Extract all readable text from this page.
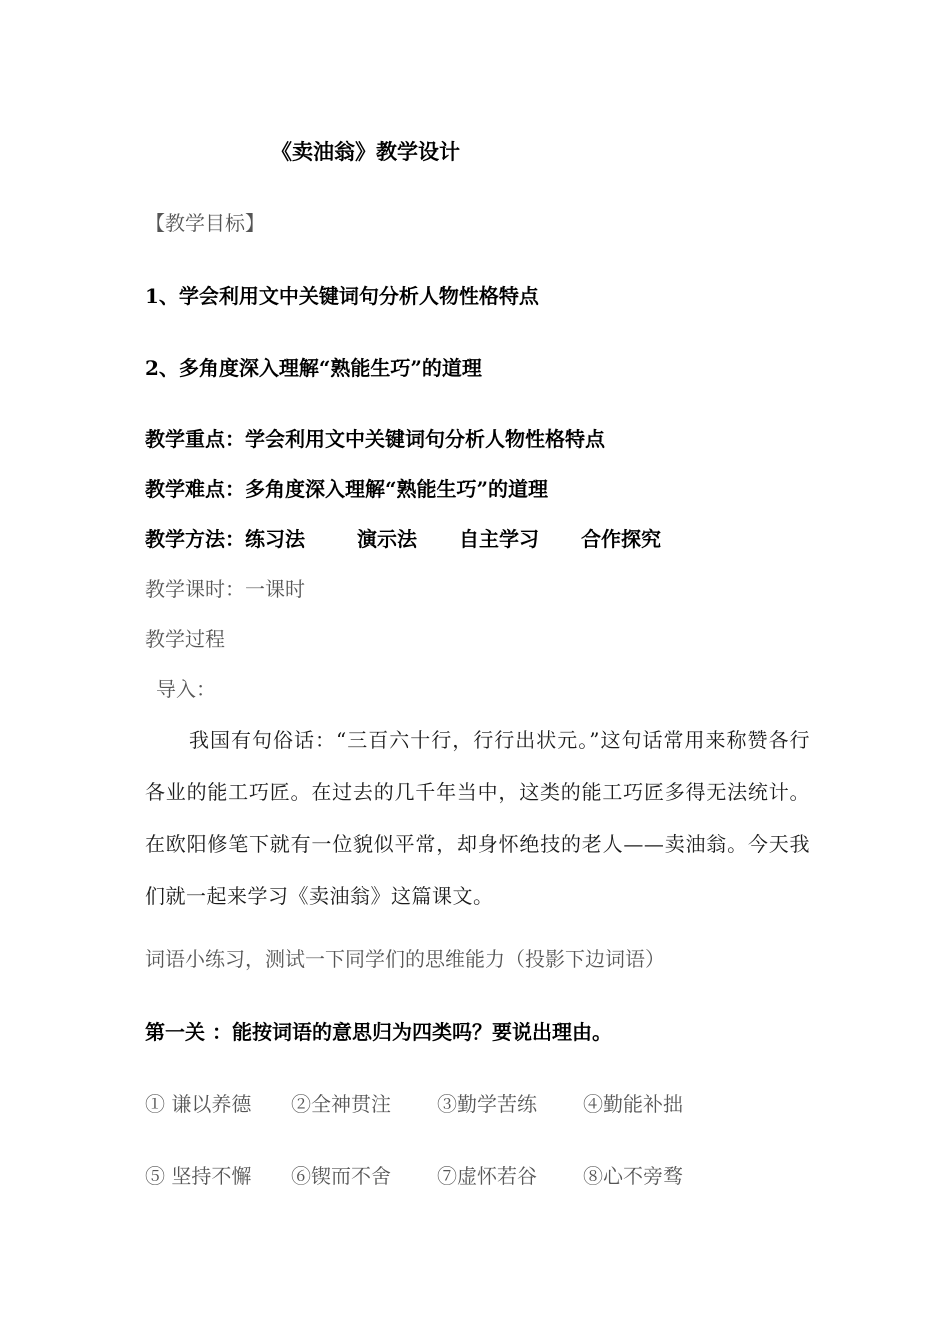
《卖油翁》教学设计
【教学目标】
1、学会利用文中关键词句分析人物性格特点
2、多角度深入理解“熟能生巧”的道理
教学重点：学会利用文中关键词句分析人物性格特点
教学难点：多角度深入理解“熟能生巧”的道理
教学方法：练习法	演示法 自主学习 合作探究
教学课时：一课时
教学过程
导入：
我国有句俗话：“三百六十行，行行出状元。”这句话常用来称赞各行各业的能工巧匠。在过去的几千年当中，这类的能工巧匠多得无法统计。在欧阳修笔下就有一位貌似平常，却身怀绝技的老人——卖油翁。今天我们就一起来学习《卖油翁》这篇课文。
词语小练习，测试一下同学们的思维能力（投影下边词语）
第一关 ：能按词语的意思归为四类吗？要说出理由。
① 谦以养德 ②全神贯注 ③勤学苦练 ④勤能补拙
⑤ 坚持不懈 ⑥锲而不舍 ⑦虚怀若谷 ⑧心不旁骛
